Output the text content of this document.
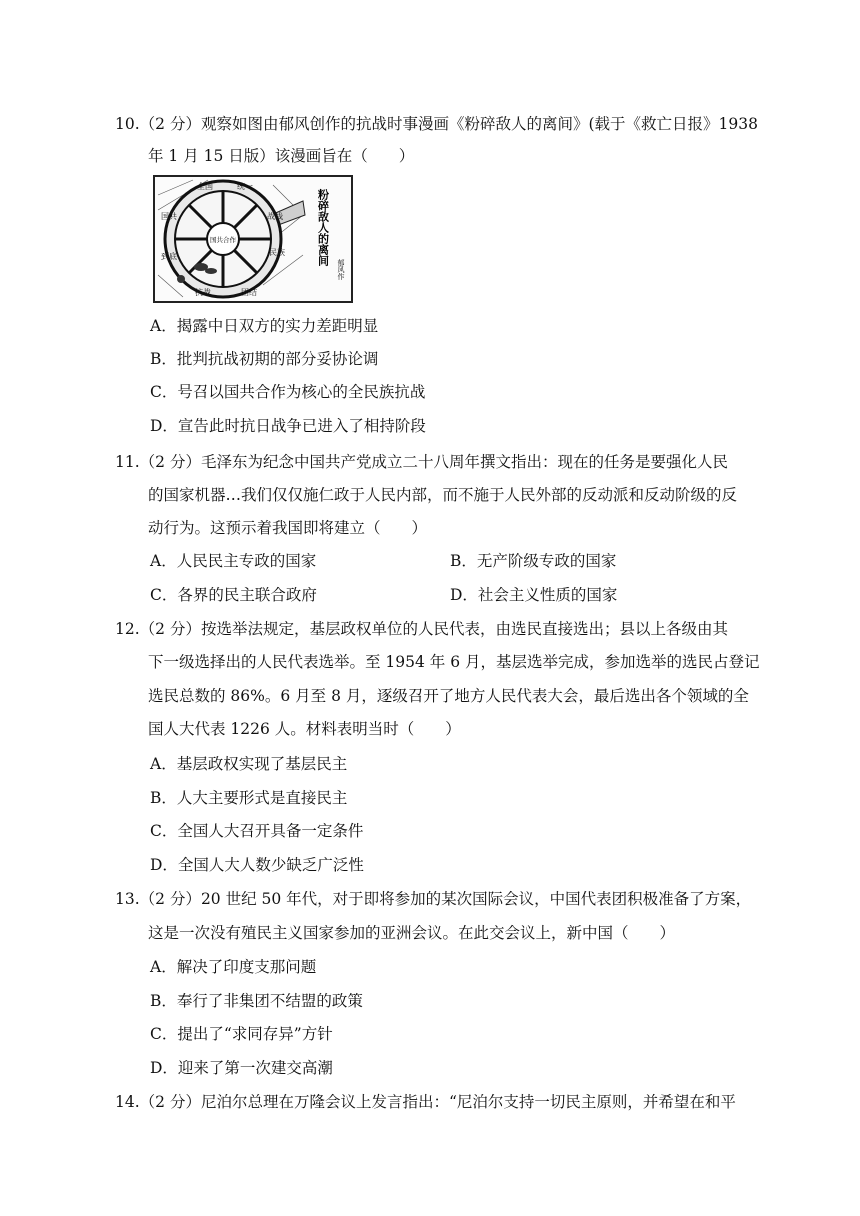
10.（2 分）观察如图由郁风创作的抗战时事漫画《粉碎敌人的离间》(载于《救亡日报》1938
年 1 月 15 日版）该漫画旨在（　　）
国共合作
全国	统一
战线
民族
团结
抗战
到底
国共	粉碎敌人的离间
郁风作
A．揭露中日双方的实力差距明显
B．批判抗战初期的部分妥协论调
C．号召以国共合作为核心的全民族抗战
D．宣告此时抗日战争已进入了相持阶段
11.（2 分）毛泽东为纪念中国共产党成立二十八周年撰文指出：现在的任务是要强化人民
的国家机器…我们仅仅施仁政于人民内部，而不施于人民外部的反动派和反动阶级的反
动行为。这预示着我国即将建立（　　）
A．人民民主专政的国家	B．无产阶级专政的国家
C．各界的民主联合政府	D．社会主义性质的国家
12.（2 分）按选举法规定，基层政权单位的人民代表，由选民直接选出；县以上各级由其
下一级选择出的人民代表选举。至 1954 年 6 月，基层选举完成，参加选举的选民占登记
选民总数的 86%。6 月至 8 月，逐级召开了地方人民代表大会，最后选出各个领域的全
国人大代表 1226 人。材料表明当时（　　）
A．基层政权实现了基层民主
B．人大主要形式是直接民主
C．全国人大召开具备一定条件
D．全国人大人数少缺乏广泛性
13.（2 分）20 世纪 50 年代，对于即将参加的某次国际会议，中国代表团积极准备了方案，
这是一次没有殖民主义国家参加的亚洲会议。在此交会议上，新中国（　　）
A．解决了印度支那问题
B．奉行了非集团不结盟的政策
C．提出了“求同存异”方针
D．迎来了第一次建交高潮
14.（2 分）尼泊尔总理在万隆会议上发言指出：“尼泊尔支持一切民主原则，并希望在和平
